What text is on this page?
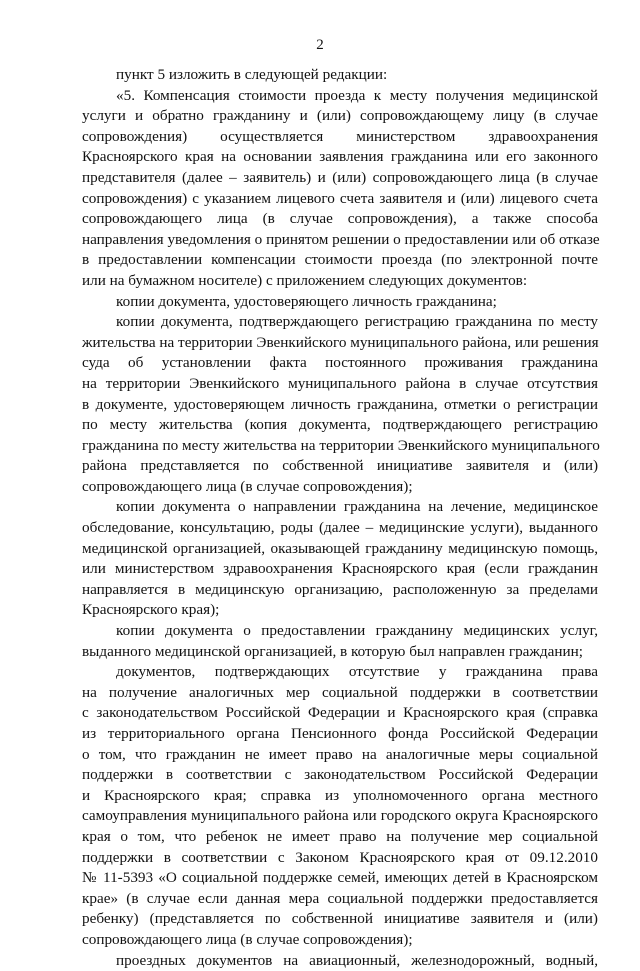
2
пункт 5 изложить в следующей редакции:
«5. Компенсация стоимости проезда к месту получения медицинской
услуги и обратно гражданину и (или) сопровождающему лицу (в случае
сопровождения) осуществляется министерством здравоохранения
Красноярского края на основании заявления гражданина или его законного
представителя (далее – заявитель) и (или) сопровождающего лица (в случае
сопровождения) с указанием лицевого счета заявителя и (или) лицевого счета
сопровождающего лица (в случае сопровождения), а также способа
направления уведомления о принятом решении о предоставлении или об отказе
в предоставлении компенсации стоимости проезда (по электронной почте
или на бумажном носителе) с приложением следующих документов:
копии документа, удостоверяющего личность гражданина;
копии документа, подтверждающего регистрацию гражданина по месту
жительства на территории Эвенкийского муниципального района, или решения
суда об установлении факта постоянного проживания гражданина
на территории Эвенкийского муниципального района в случае отсутствия
в документе, удостоверяющем личность гражданина, отметки о регистрации
по месту жительства (копия документа, подтверждающего регистрацию
гражданина по месту жительства на территории Эвенкийского муниципального
района представляется по собственной инициативе заявителя и (или)
сопровождающего лица (в случае сопровождения);
копии документа о направлении гражданина на лечение, медицинское
обследование, консультацию, роды (далее – медицинские услуги), выданного
медицинской организацией, оказывающей гражданину медицинскую помощь,
или министерством здравоохранения Красноярского края (если гражданин
направляется в медицинскую организацию, расположенную за пределами
Красноярского края);
копии документа о предоставлении гражданину медицинских услуг,
выданного медицинской организацией, в которую был направлен гражданин;
документов, подтверждающих отсутствие у гражданина права
на получение аналогичных мер социальной поддержки в соответствии
с законодательством Российской Федерации и Красноярского края (справка
из территориального органа Пенсионного фонда Российской Федерации
о том, что гражданин не имеет право на аналогичные меры социальной
поддержки в соответствии с законодательством Российской Федерации
и Красноярского края; справка из уполномоченного органа местного
самоуправления муниципального района или городского округа Красноярского
края о том, что ребенок не имеет право на получение мер социальной
поддержки в соответствии с Законом Красноярского края от 09.12.2010
№ 11-5393 «О социальной поддержке семей, имеющих детей в Красноярском
крае» (в случае если данная мера социальной поддержки предоставляется
ребенку) (представляется по собственной инициативе заявителя и (или)
сопровождающего лица (в случае сопровождения);
проездных документов на авиационный, железнодорожный, водный,
